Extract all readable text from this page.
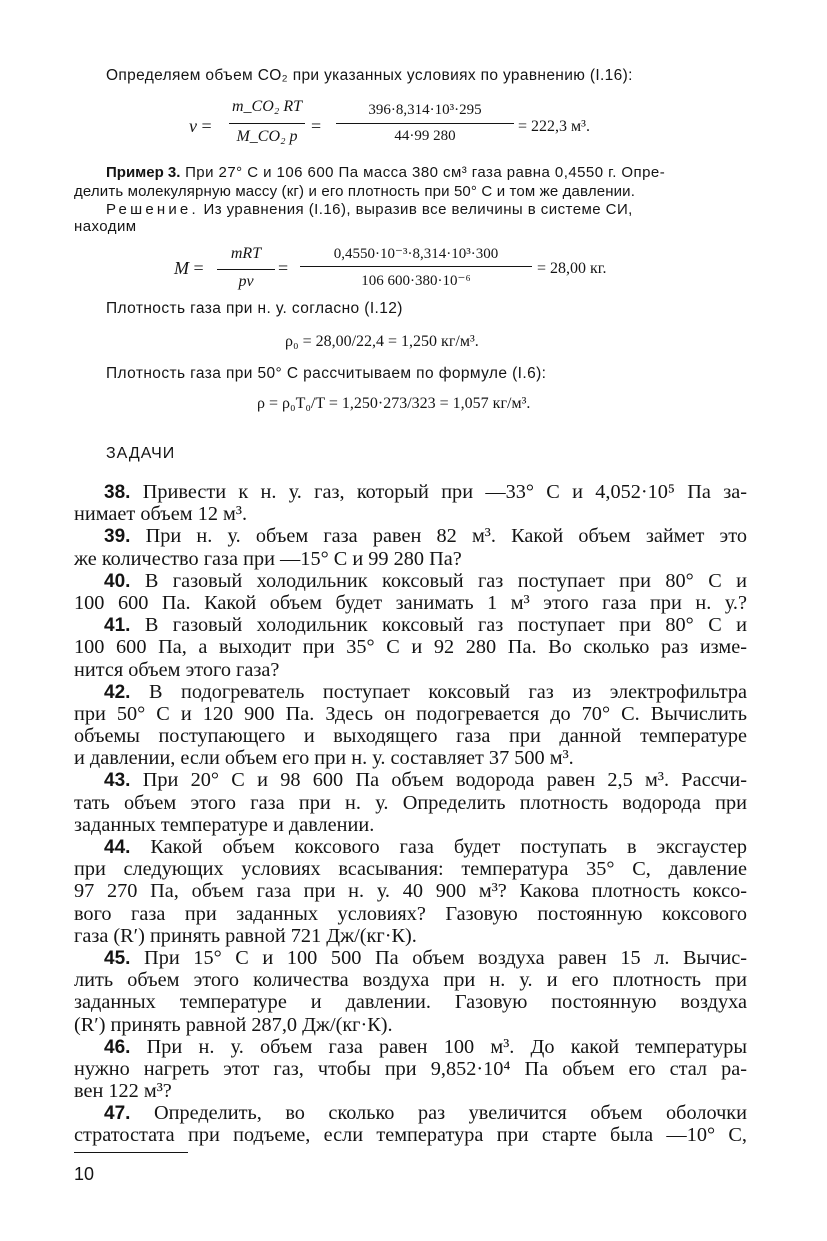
Определяем объем CO₂ при указанных условиях по уравнению (I.16):
v =
m_CO₂ RT
M_CO₂ p
=
396·8,314·10³·295
44·99 280
= 222,3 м³.
Пример 3. При 27° С и 106 600 Па масса 380 см³ газа равна 0,4550 г. Опре-
делить молекулярную массу (кг) и его плотность при 50° С и том же давлении.
Решение. Из уравнения (I.16), выразив все величины в системе СИ,
находим
M =
mRT
pv
=
0,4550·10⁻³·8,314·10³·300
106 600·380·10⁻⁶
= 28,00 кг.
Плотность газа при н. у. согласно (I.12)
ρ₀ = 28,00/22,4 = 1,250 кг/м³.
Плотность газа при 50° С рассчитываем по формуле (I.6):
ρ = ρ₀T₀/T = 1,250·273/323 = 1,057 кг/м³.
ЗАДАЧИ
38. Привести к н. у. газ, который при —33° С и 4,052·10⁵ Па за-
нимает объем 12 м³.
39. При н. у. объем газа равен 82 м³. Какой объем займет это
же количество газа при —15° С и 99 280 Па?
40. В газовый холодильник коксовый газ поступает при 80° С и
100 600 Па. Какой объем будет занимать 1 м³ этого газа при н. у.?
41. В газовый холодильник коксовый газ поступает при 80° С и
100 600 Па, а выходит при 35° С и 92 280 Па. Во сколько раз изме-
нится объем этого газа?
42. В подогреватель поступает коксовый газ из электрофильтра
при 50° С и 120 900 Па. Здесь он подогревается до 70° С. Вычислить
объемы поступающего и выходящего газа при данной температуре
и давлении, если объем его при н. у. составляет 37 500 м³.
43. При 20° С и 98 600 Па объем водорода равен 2,5 м³. Рассчи-
тать объем этого газа при н. у. Определить плотность водорода при
заданных температуре и давлении.
44. Какой объем коксового газа будет поступать в эксгаустер
при следующих условиях всасывания: температура 35° С, давление
97 270 Па, объем газа при н. у. 40 900 м³? Какова плотность коксо-
вого газа при заданных условиях? Газовую постоянную коксового
газа (R′) принять равной 721 Дж/(кг·К).
45. При 15° С и 100 500 Па объем воздуха равен 15 л. Вычис-
лить объем этого количества воздуха при н. у. и его плотность при
заданных температуре и давлении. Газовую постоянную воздуха
(R′) принять равной 287,0 Дж/(кг·К).
46. При н. у. объем газа равен 100 м³. До какой температуры
нужно нагреть этот газ, чтобы при 9,852·10⁴ Па объем его стал ра-
вен 122 м³?
47. Определить, во сколько раз увеличится объем оболочки
стратостата при подъеме, если температура при старте была —10° С,
10
